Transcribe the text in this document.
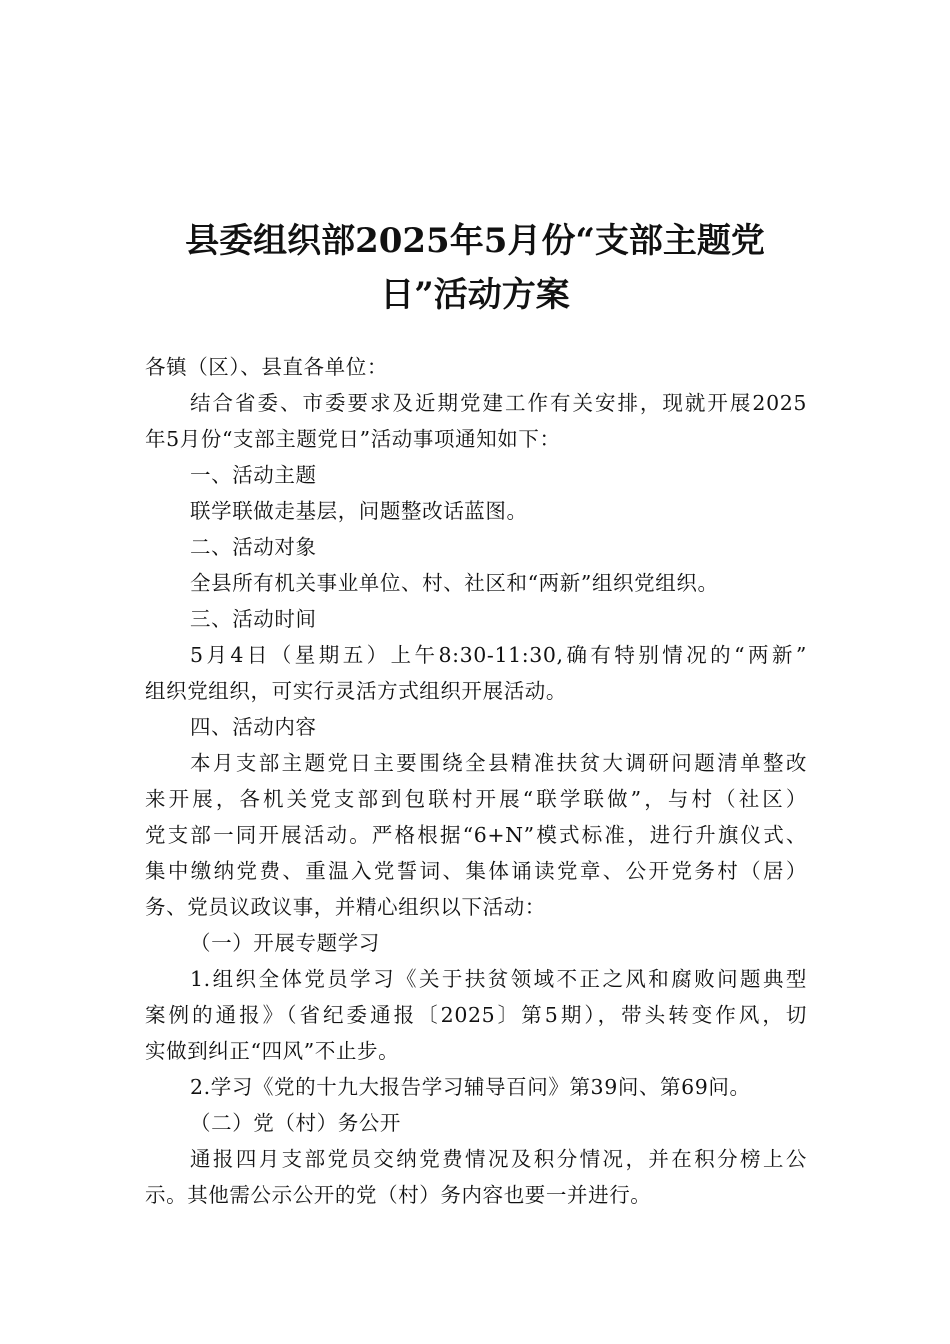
县委组织部2025年5月份“支部主题党
日”活动方案
各镇（区）、县直各单位：
结合省委、市委要求及近期党建工作有关安排，现就开展2025
年5月份“支部主题党日”活动事项通知如下：
一、活动主题
联学联做走基层，问题整改话蓝图。
二、活动对象
全县所有机关事业单位、村、社区和“两新”组织党组织。
三、活动时间
5月4日（星期五）上午8:30-11:30,确有特别情况的“两新”
组织党组织，可实行灵活方式组织开展活动。
四、活动内容
本月支部主题党日主要围绕全县精准扶贫大调研问题清单整改
来开展，各机关党支部到包联村开展“联学联做”，与村（社区）
党支部一同开展活动。严格根据“6+N”模式标准，进行升旗仪式、
集中缴纳党费、重温入党誓词、集体诵读党章、公开党务村（居）
务、党员议政议事，并精心组织以下活动：
（一）开展专题学习
1.组织全体党员学习《关于扶贫领域不正之风和腐败问题典型
案例的通报》（省纪委通报〔2025〕第5期），带头转变作风，切
实做到纠正“四风”不止步。
2.学习《党的十九大报告学习辅导百问》第39问、第69问。
（二）党（村）务公开
通报四月支部党员交纳党费情况及积分情况，并在积分榜上公
示。其他需公示公开的党（村）务内容也要一并进行。
